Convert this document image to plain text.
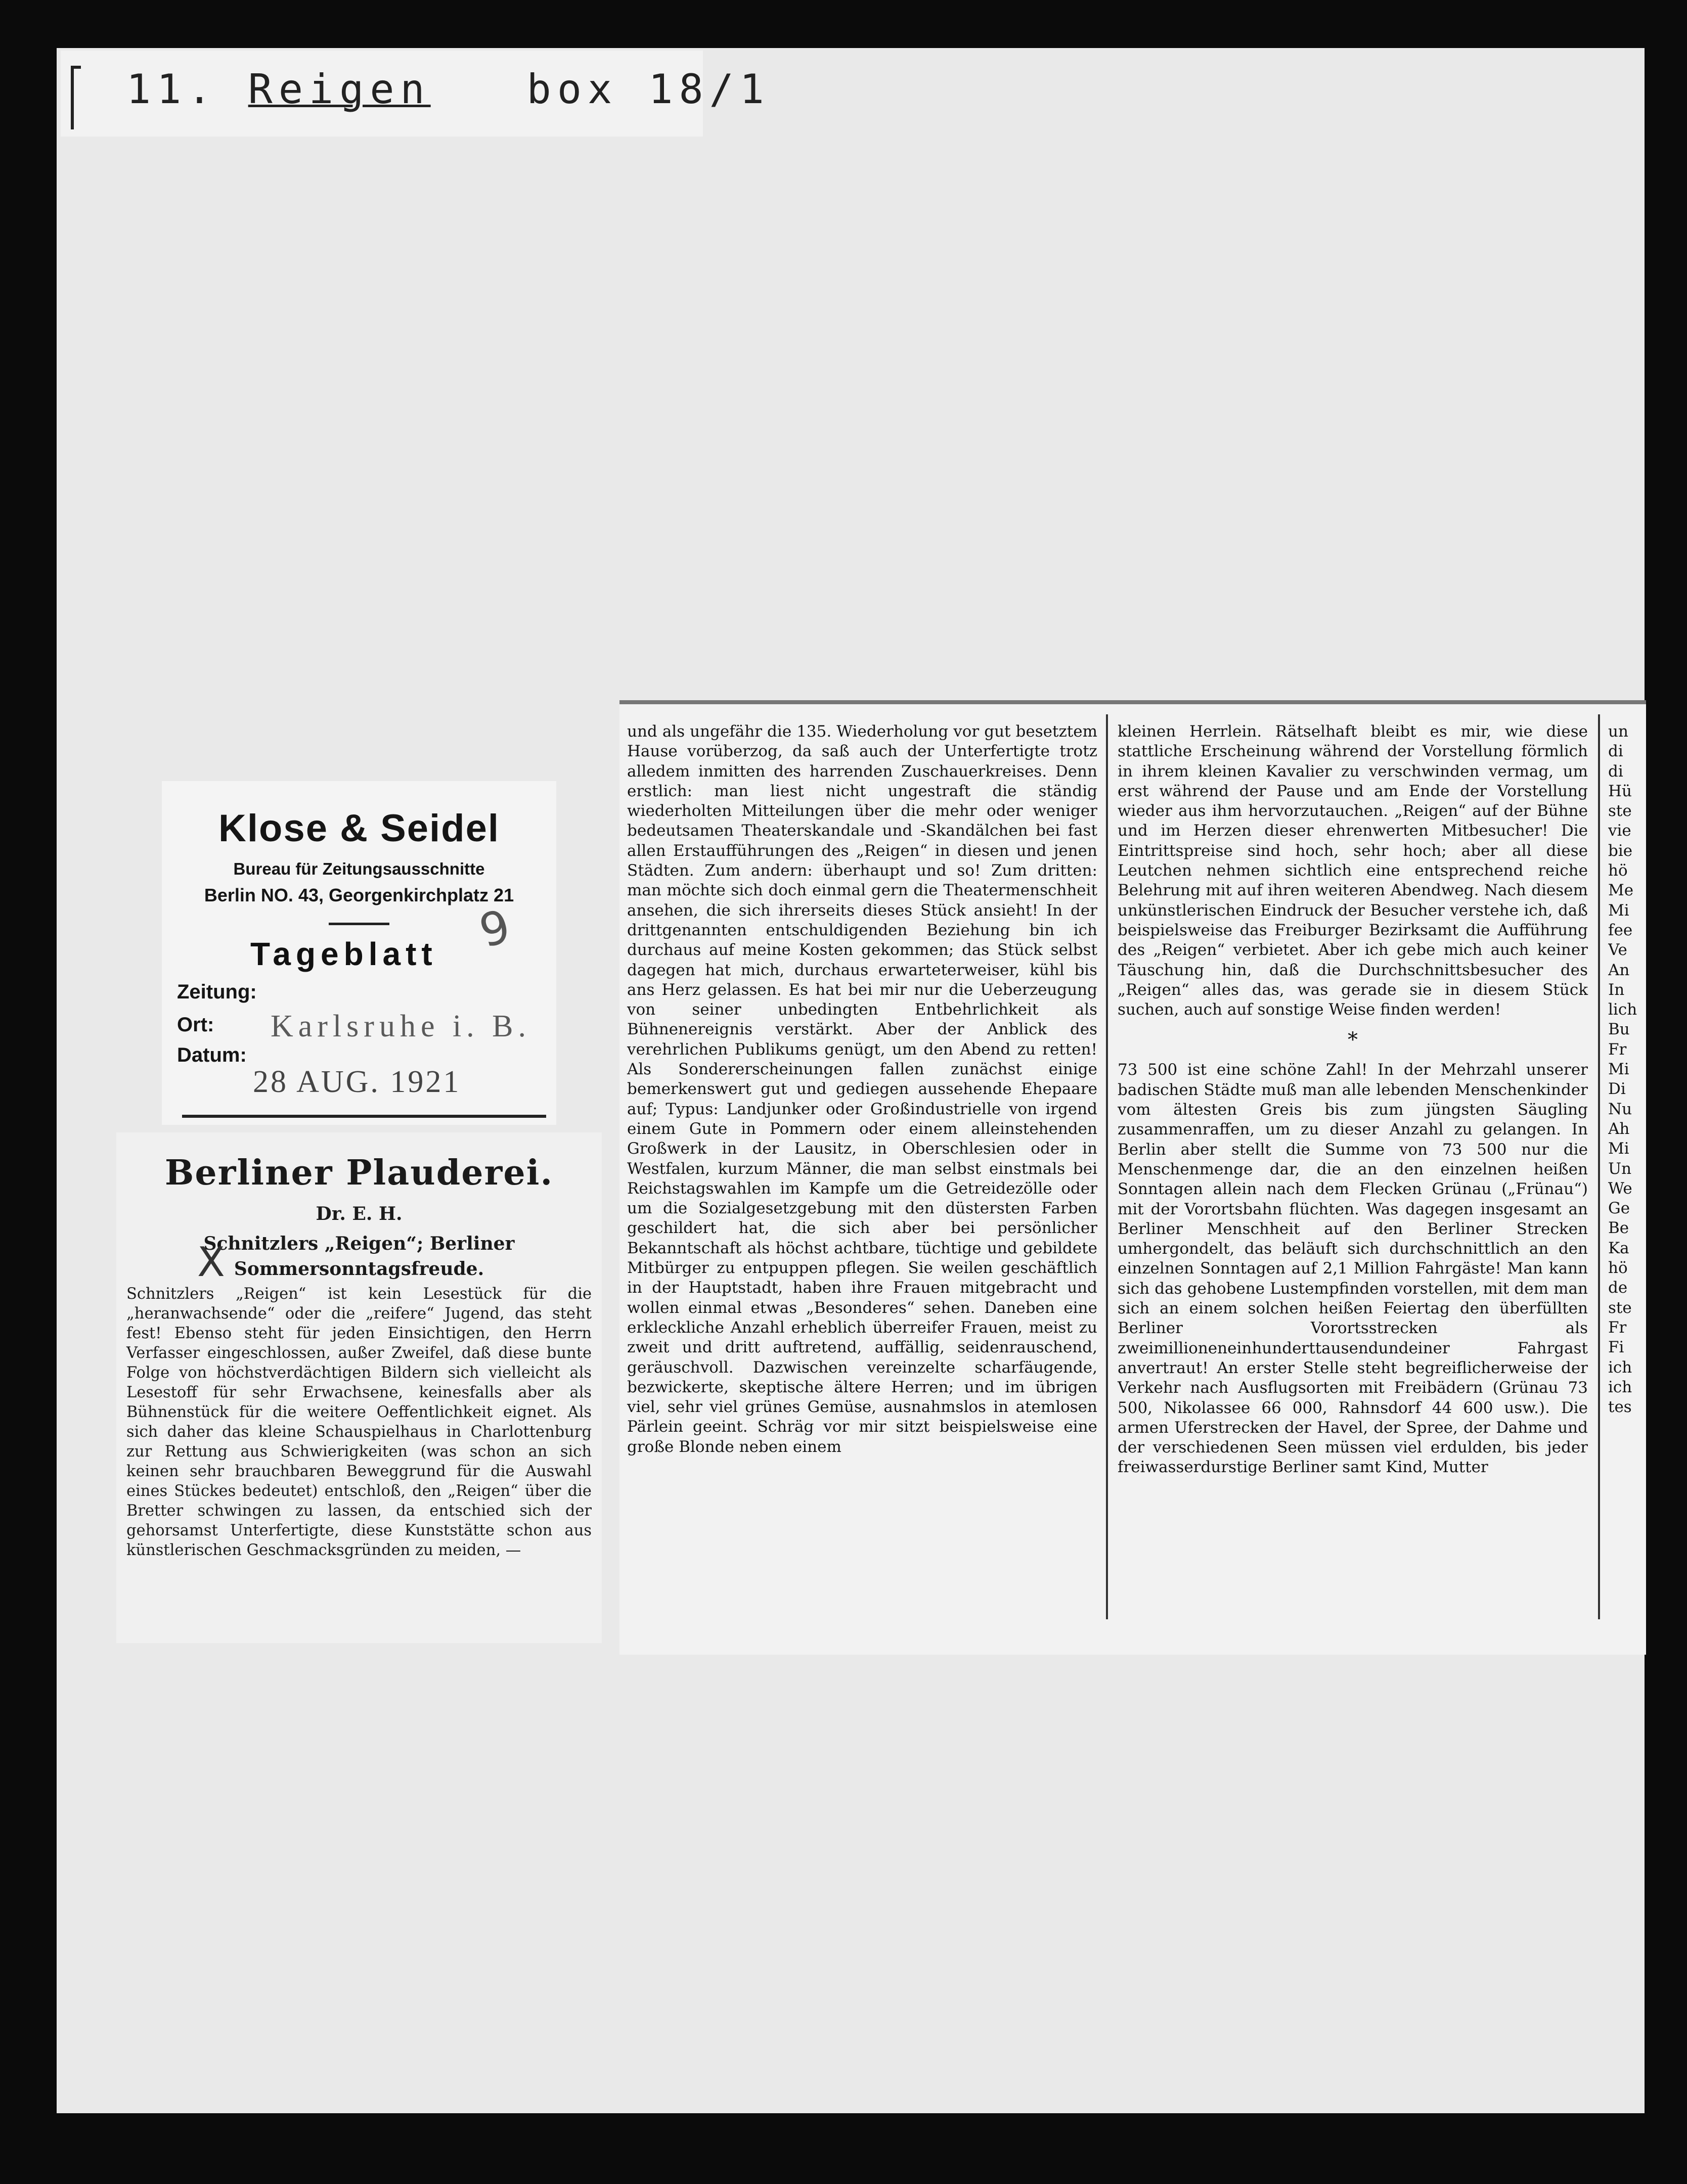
11. Reigen box 18/1
Klose & Seidel
Bureau für Zeitungsausschnitte
Berlin NO. 43, Georgenkirchplatz 21
9
Tageblatt
Zeitung:
Ort: Karlsruhe i. B.
Datum:
28 AUG. 1921
Berliner Plauderei.
Dr. E. H.
Schnitzlers „Reigen“; Berliner Sommersonntagsfreude.
X
Schnitzlers „Reigen“ ist kein Lesestück für die „heranwachsende“ oder die „reifere“ Jugend, das steht fest! Ebenso steht für jeden Einsichtigen, den Herrn Verfasser eingeschlossen, außer Zweifel, daß diese bunte Folge von höchstverdächtigen Bildern sich vielleicht als Lesestoff für sehr Erwachsene, keinesfalls aber als Bühnenstück für die weitere Oeffentlichkeit eignet. Als sich daher das kleine Schauspielhaus in Charlottenburg zur Rettung aus Schwierigkeiten (was schon an sich keinen sehr brauchbaren Beweggrund für die Auswahl eines Stückes bedeutet) entschloß, den „Reigen“ über die Bretter schwingen zu lassen, da entschied sich der gehorsamst Unterfertigte, diese Kunststätte schon aus künstlerischen Geschmacksgründen zu meiden, —
und als ungefähr die 135. Wiederholung vor gut besetztem Hause vorüberzog, da saß auch der Unterfertigte trotz alledem inmitten des harrenden Zuschauerkreises. Denn erstlich: man liest nicht ungestraft die ständig wiederholten Mitteilungen über die mehr oder weniger bedeutsamen Theaterskandale und -Skandälchen bei fast allen Erstaufführungen des „Reigen“ in diesen und jenen Städten. Zum andern: überhaupt und so! Zum dritten: man möchte sich doch einmal gern die Theatermenschheit ansehen, die sich ihrerseits dieses Stück ansieht! In der drittgenannten entschuldigenden Beziehung bin ich durchaus auf meine Kosten gekommen; das Stück selbst dagegen hat mich, durchaus erwarteterweiser, kühl bis ans Herz gelassen. Es hat bei mir nur die Ueberzeugung von seiner unbedingten Entbehrlichkeit als Bühnenereignis verstärkt. Aber der Anblick des verehrlichen Publikums genügt, um den Abend zu retten! Als Sondererscheinungen fallen zunächst einige bemerkenswert gut und gediegen aussehende Ehepaare auf; Typus: Landjunker oder Großindustrielle von irgend einem Gute in Pommern oder einem alleinstehenden Großwerk in der Lausitz, in Oberschlesien oder in Westfalen, kurzum Männer, die man selbst einstmals bei Reichstagswahlen im Kampfe um die Getreidezölle oder um die Sozialgesetzgebung mit den düstersten Farben geschildert hat, die sich aber bei persönlicher Bekanntschaft als höchst achtbare, tüchtige und gebildete Mitbürger zu entpuppen pflegen. Sie weilen geschäftlich in der Hauptstadt, haben ihre Frauen mitgebracht und wollen einmal etwas „Besonderes“ sehen. Daneben eine erkleckliche Anzahl erheblich überreifer Frauen, meist zu zweit und dritt auftretend, auffällig, seidenrauschend, geräuschvoll. Dazwischen vereinzelte scharfäugende, bezwickerte, skeptische ältere Herren; und im übrigen viel, sehr viel grünes Gemüse, ausnahmslos in atemlosen Pärlein geeint. Schräg vor mir sitzt beispielsweise eine große Blonde neben einem
kleinen Herrlein. Rätselhaft bleibt es mir, wie diese stattliche Erscheinung während der Vorstellung förmlich in ihrem kleinen Kavalier zu verschwinden vermag, um erst während der Pause und am Ende der Vorstellung wieder aus ihm hervorzutauchen. „Reigen“ auf der Bühne und im Herzen dieser ehrenwerten Mitbesucher! Die Eintrittspreise sind hoch, sehr hoch; aber all diese Leutchen nehmen sichtlich eine entsprechend reiche Belehrung mit auf ihren weiteren Abendweg. Nach diesem unkünstlerischen Eindruck der Besucher verstehe ich, daß beispielsweise das Freiburger Bezirksamt die Aufführung des „Reigen“ verbietet. Aber ich gebe mich auch keiner Täuschung hin, daß die Durchschnittsbesucher des „Reigen“ alles das, was gerade sie in diesem Stück suchen, auch auf sonstige Weise finden werden!
*
73 500 ist eine schöne Zahl! In der Mehrzahl unserer badischen Städte muß man alle lebenden Menschenkinder vom ältesten Greis bis zum jüngsten Säugling zusammenraffen, um zu dieser Anzahl zu gelangen. In Berlin aber stellt die Summe von 73 500 nur die Menschenmenge dar, die an den einzelnen heißen Sonntagen allein nach dem Flecken Grünau („Frünau“) mit der Vorortsbahn flüchten. Was dagegen insgesamt an Berliner Menschheit auf den Berliner Strecken umhergondelt, das beläuft sich durchschnittlich an den einzelnen Sonntagen auf 2,1 Million Fahrgäste! Man kann sich das gehobene Lustempfinden vorstellen, mit dem man sich an einem solchen heißen Feiertag den überfüllten Berliner Vorortsstrecken als zweimillioneneinhunderttausendundeiner Fahrgast anvertraut! An erster Stelle steht begreiflicherweise der Verkehr nach Ausflugsorten mit Freibädern (Grünau 73 500, Nikolassee 66 000, Rahnsdorf 44 600 usw.). Die armen Uferstrecken der Havel, der Spree, der Dahme und der verschiedenen Seen müssen viel erdulden, bis jeder freiwasserdurstige Berliner samt Kind, Mutter
un
di
di
Hü
ste
vie
bie
hö
Me
Mi
fee
Ve
An
In
lich
Bu
Fr
Mi
Di
Nu
Ah
Mi
Un
We
Ge
Be
Ka
hö
de
ste
Fr
Fi
ich
ich
tes
